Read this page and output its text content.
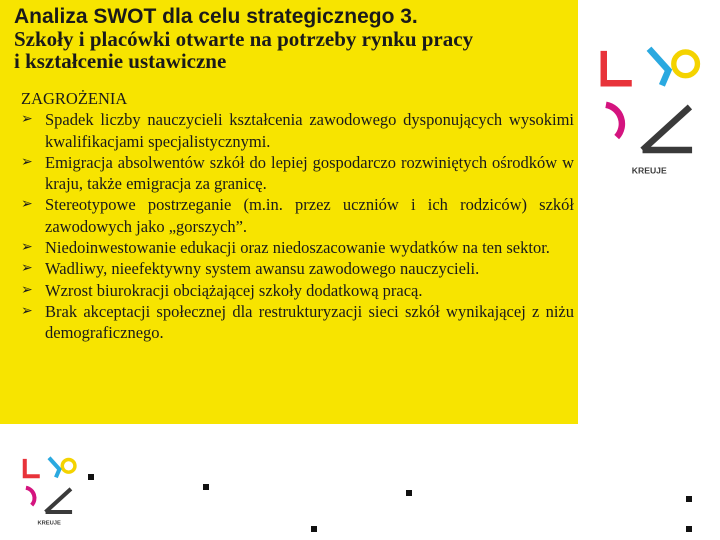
Analiza SWOT dla celu strategicznego 3.
Szkoły i placówki otwarte na potrzeby rynku pracy
i kształcenie ustawiczne
ZAGROŻENIA
➢ Spadek liczby nauczycieli kształcenia zawodowego dysponujących wysokimi kwalifikacjami specjalistycznymi.
➢ Emigracja absolwentów szkół do lepiej gospodarczo rozwiniętych ośrodków w kraju, także emigracja za granicę.
➢ Stereotypowe postrzeganie (m.in. przez uczniów i ich rodziców) szkół zawodowych jako „gorszych”.
➢ Niedoinwestowanie edukacji oraz niedoszacowanie wydatków na ten sektor.
➢ Wadliwy, nieefektywny system awansu zawodowego nauczycieli.
➢ Wzrost biurokracji obciążającej szkoły dodatkową pracą.
➢ Brak akceptacji społecznej dla restrukturyzacji sieci szkół wynikającej z niżu demograficznego.
KREUJE
KREUJE
